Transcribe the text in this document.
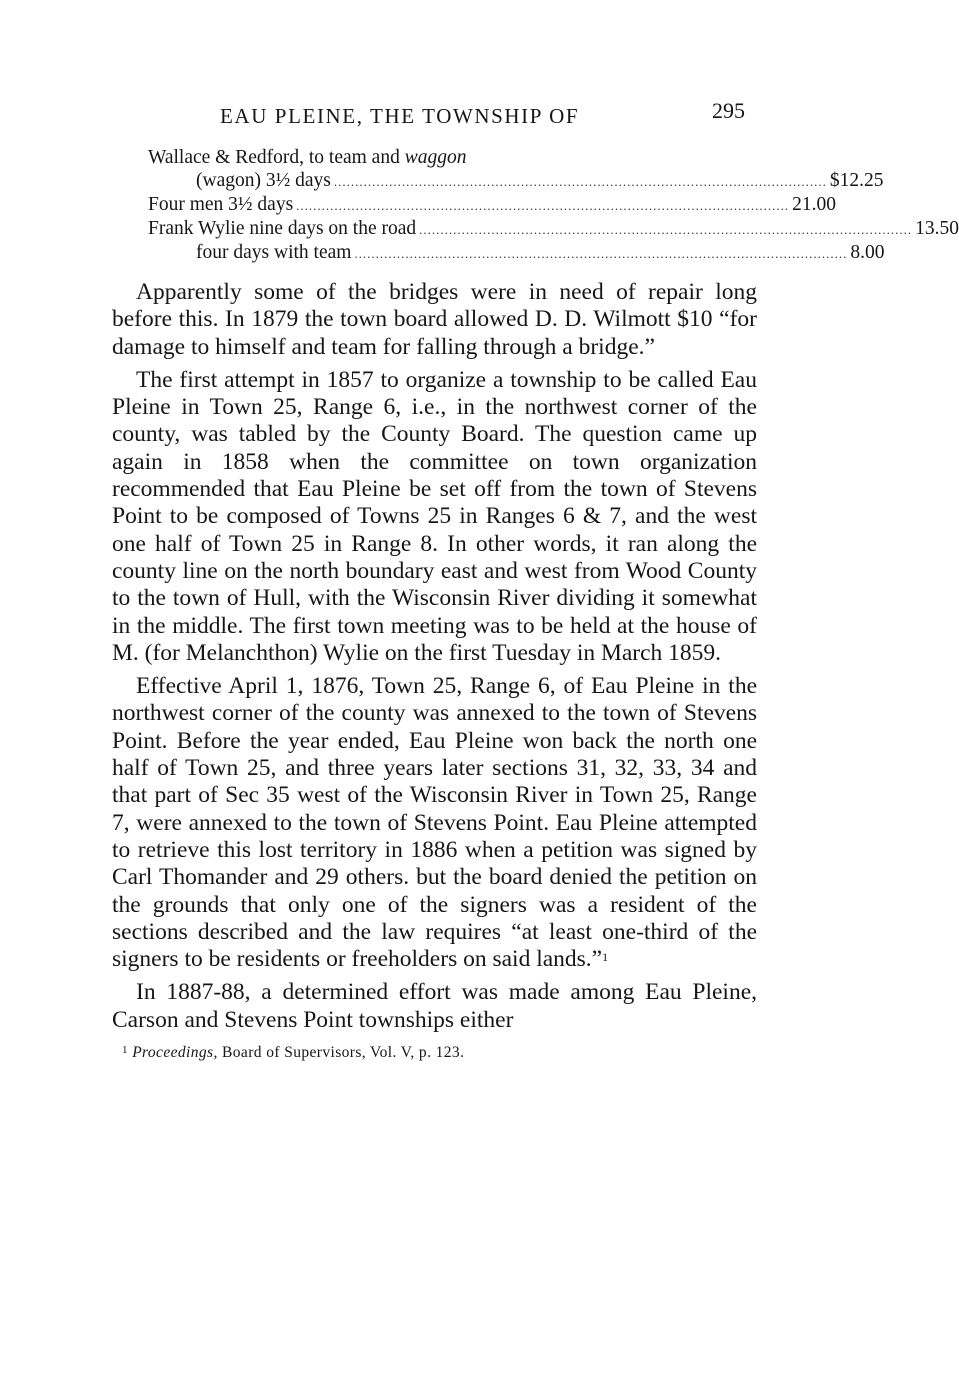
EAU PLEINE, THE TOWNSHIP OF	295
Wallace & Redford, to team and waggon
(wagon) 3½ days .................................................................................................................... $12.25
Four men 3½ days .................................................................................................................... 21.00
Frank Wylie nine days on the road .................................................................................................................... 13.50
four days with team .................................................................................................................... 8.00

Apparently some of the bridges were in need of repair long before this. In 1879 the town board allowed D. D. Wilmott $10 “for damage to himself and team for falling through a bridge.”

The first attempt in 1857 to organize a township to be called Eau Pleine in Town 25, Range 6, i.e., in the northwest corner of the county, was tabled by the County Board. The question came up again in 1858 when the committee on town organization recommended that Eau Pleine be set off from the town of Stevens Point to be composed of Towns 25 in Ranges 6 & 7, and the west one half of Town 25 in Range 8. In other words, it ran along the county line on the north boundary east and west from Wood County to the town of Hull, with the Wisconsin River dividing it somewhat in the middle. The first town meeting was to be held at the house of M. (for Melanchthon) Wylie on the first Tuesday in March 1859.

Effective April 1, 1876, Town 25, Range 6, of Eau Pleine in the northwest corner of the county was annexed to the town of Stevens Point. Before the year ended, Eau Pleine won back the north one half of Town 25, and three years later sections 31, 32, 33, 34 and that part of Sec 35 west of the Wisconsin River in Town 25, Range 7, were annexed to the town of Stevens Point. Eau Pleine attempted to retrieve this lost territory in 1886 when a petition was signed by Carl Thomander and 29 others. but the board denied the petition on the grounds that only one of the signers was a resident of the sections described and the law requires “at least one-third of the signers to be residents or freeholders on said lands.”$^1$

In 1887-88, a determined effort was made among Eau Pleine, Carson and Stevens Point townships either

$^1$ Proceedings, Board of Supervisors, Vol. V, p. 123.
